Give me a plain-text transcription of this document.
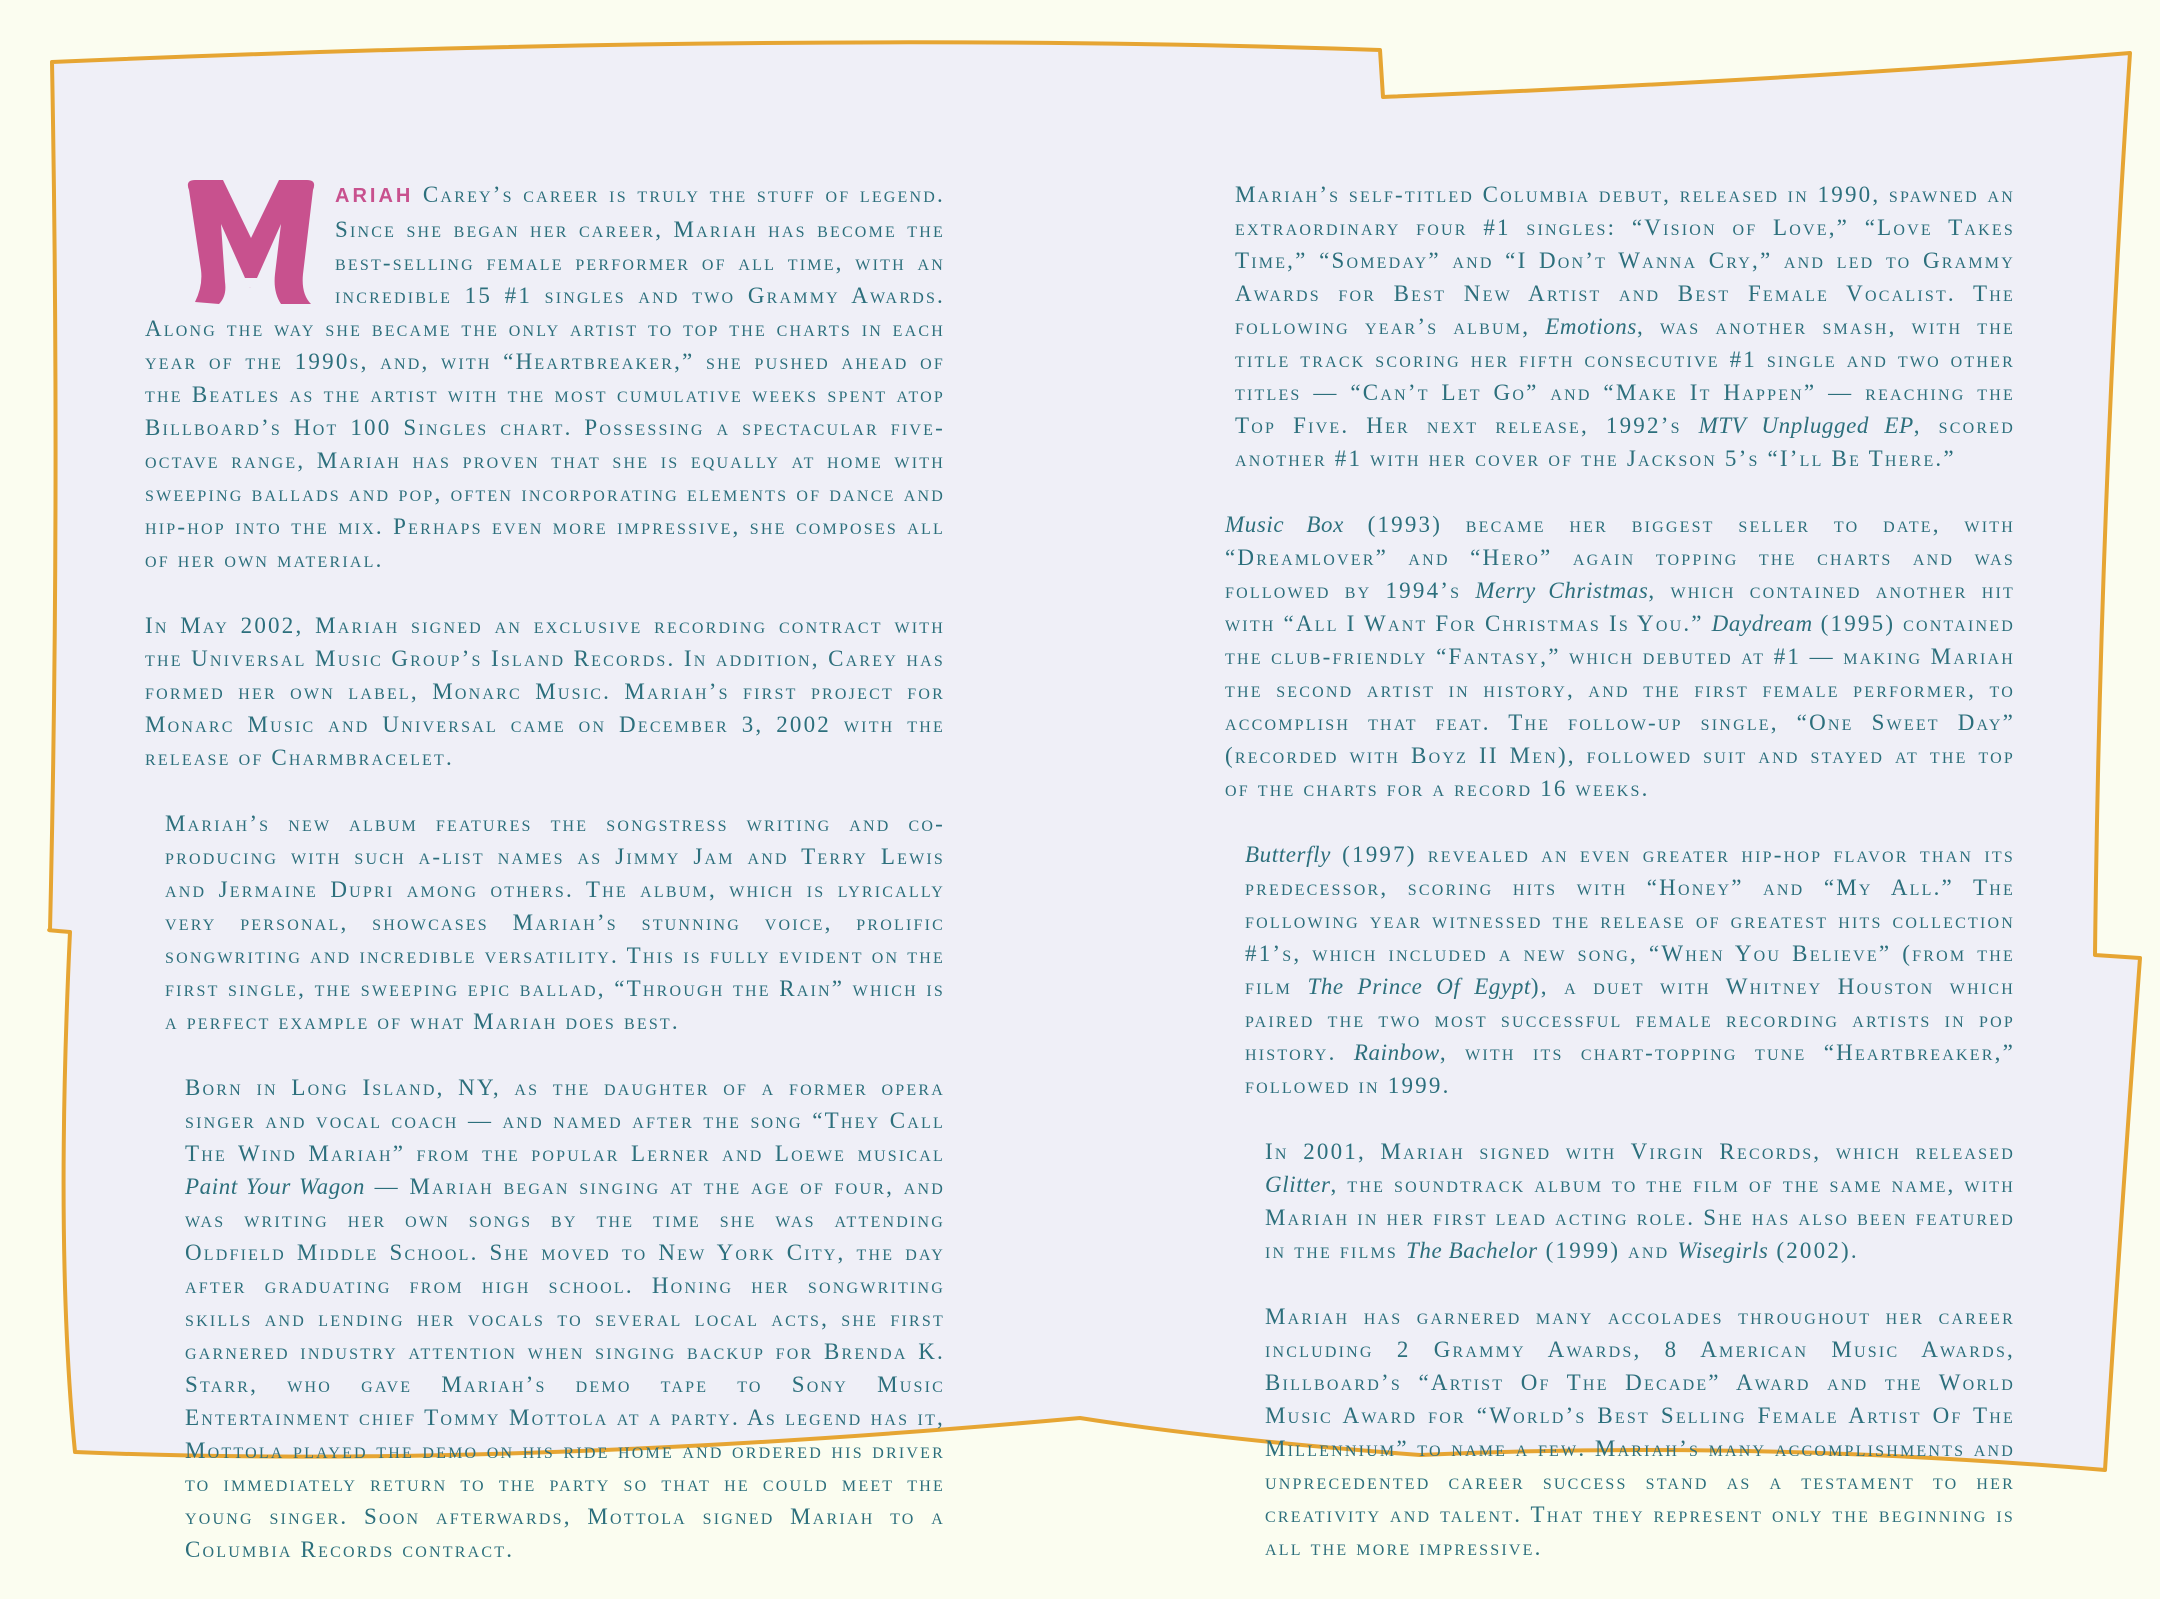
M
ARIAH Carey’s career is truly the stuff of legend. Since she began her career, Mariah has become the best-selling female performer of all time, with an incredible 15 #1 singles and two Grammy Awards. Along the way she became the only artist to top the charts in each year of the 1990s, and, with “Heartbreaker,” she pushed ahead of the Beatles as the artist with the most cumulative weeks spent atop Billboard’s Hot 100 Singles chart. Possessing a spectacular five-octave range, Mariah has proven that she is equally at home with sweeping ballads and pop, often incorporating elements of dance and hip-hop into the mix. Perhaps even more impressive, she composes all of her own material.

In May 2002, Mariah signed an exclusive recording contract with the Universal Music Group’s Island Records. In addition, Carey has formed her own label, Monarc Music. Mariah’s first project for Monarc Music and Universal came on December 3, 2002 with the release of Charmbracelet.

Mariah’s new album features the songstress writing and co-producing with such a-list names as Jimmy Jam and Terry Lewis and Jermaine Dupri among others. The album, which is lyrically very personal, showcases Mariah’s stunning voice, prolific songwriting and incredible versatility. This is fully evident on the first single, the sweeping epic ballad, “Through the Rain” which is a perfect example of what Mariah does best.

Born in Long Island, NY, as the daughter of a former opera singer and vocal coach — and named after the song “They Call The Wind Mariah” from the popular Lerner and Loewe musical Paint Your Wagon — Mariah began singing at the age of four, and was writing her own songs by the time she was attending Oldfield Middle School. She moved to New York City, the day after graduating from high school. Honing her songwriting skills and lending her vocals to several local acts, she first garnered industry attention when singing backup for Brenda K. Starr, who gave Mariah’s demo tape to Sony Music Entertainment chief Tommy Mottola at a party. As legend has it, Mottola played the demo on his ride home and ordered his driver to immediately return to the party so that he could meet the young singer. Soon afterwards, Mottola signed Mariah to a Columbia Records contract.

Mariah’s self-titled Columbia debut, released in 1990, spawned an extraordinary four #1 singles: “Vision of Love,” “Love Takes Time,” “Someday” and “I Don’t Wanna Cry,” and led to Grammy Awards for Best New Artist and Best Female Vocalist. The following year’s album, Emotions, was another smash, with the title track scoring her fifth consecutive #1 single and two other titles — “Can’t Let Go” and “Make It Happen” — reaching the Top Five. Her next release, 1992’s MTV Unplugged EP, scored another #1 with her cover of the Jackson 5’s “I’ll Be There.”

Music Box (1993) became her biggest seller to date, with “Dreamlover” and “Hero” again topping the charts and was followed by 1994’s Merry Christmas, which contained another hit with “All I Want For Christmas Is You.” Daydream (1995) contained the club-friendly “Fantasy,” which debuted at #1 — making Mariah the second artist in history, and the first female performer, to accomplish that feat. The follow-up single, “One Sweet Day” (recorded with Boyz II Men), followed suit and stayed at the top of the charts for a record 16 weeks.

Butterfly (1997) revealed an even greater hip-hop flavor than its predecessor, scoring hits with “Honey” and “My All.” The following year witnessed the release of greatest hits collection #1’s, which included a new song, “When You Believe” (from the film The Prince Of Egypt), a duet with Whitney Houston which paired the two most successful female recording artists in pop history. Rainbow, with its chart-topping tune “Heartbreaker,” followed in 1999.

In 2001, Mariah signed with Virgin Records, which released Glitter, the soundtrack album to the film of the same name, with Mariah in her first lead acting role. She has also been featured in the films The Bachelor (1999) and Wisegirls (2002).

Mariah has garnered many accolades throughout her career including 2 Grammy Awards, 8 American Music Awards, Billboard’s “Artist Of The Decade” Award and the World Music Award for “World’s Best Selling Female Artist Of The Millennium” to name a few. Mariah’s many accomplishments and unprecedented career success stand as a testament to her creativity and talent. That they represent only the beginning is all the more impressive.
